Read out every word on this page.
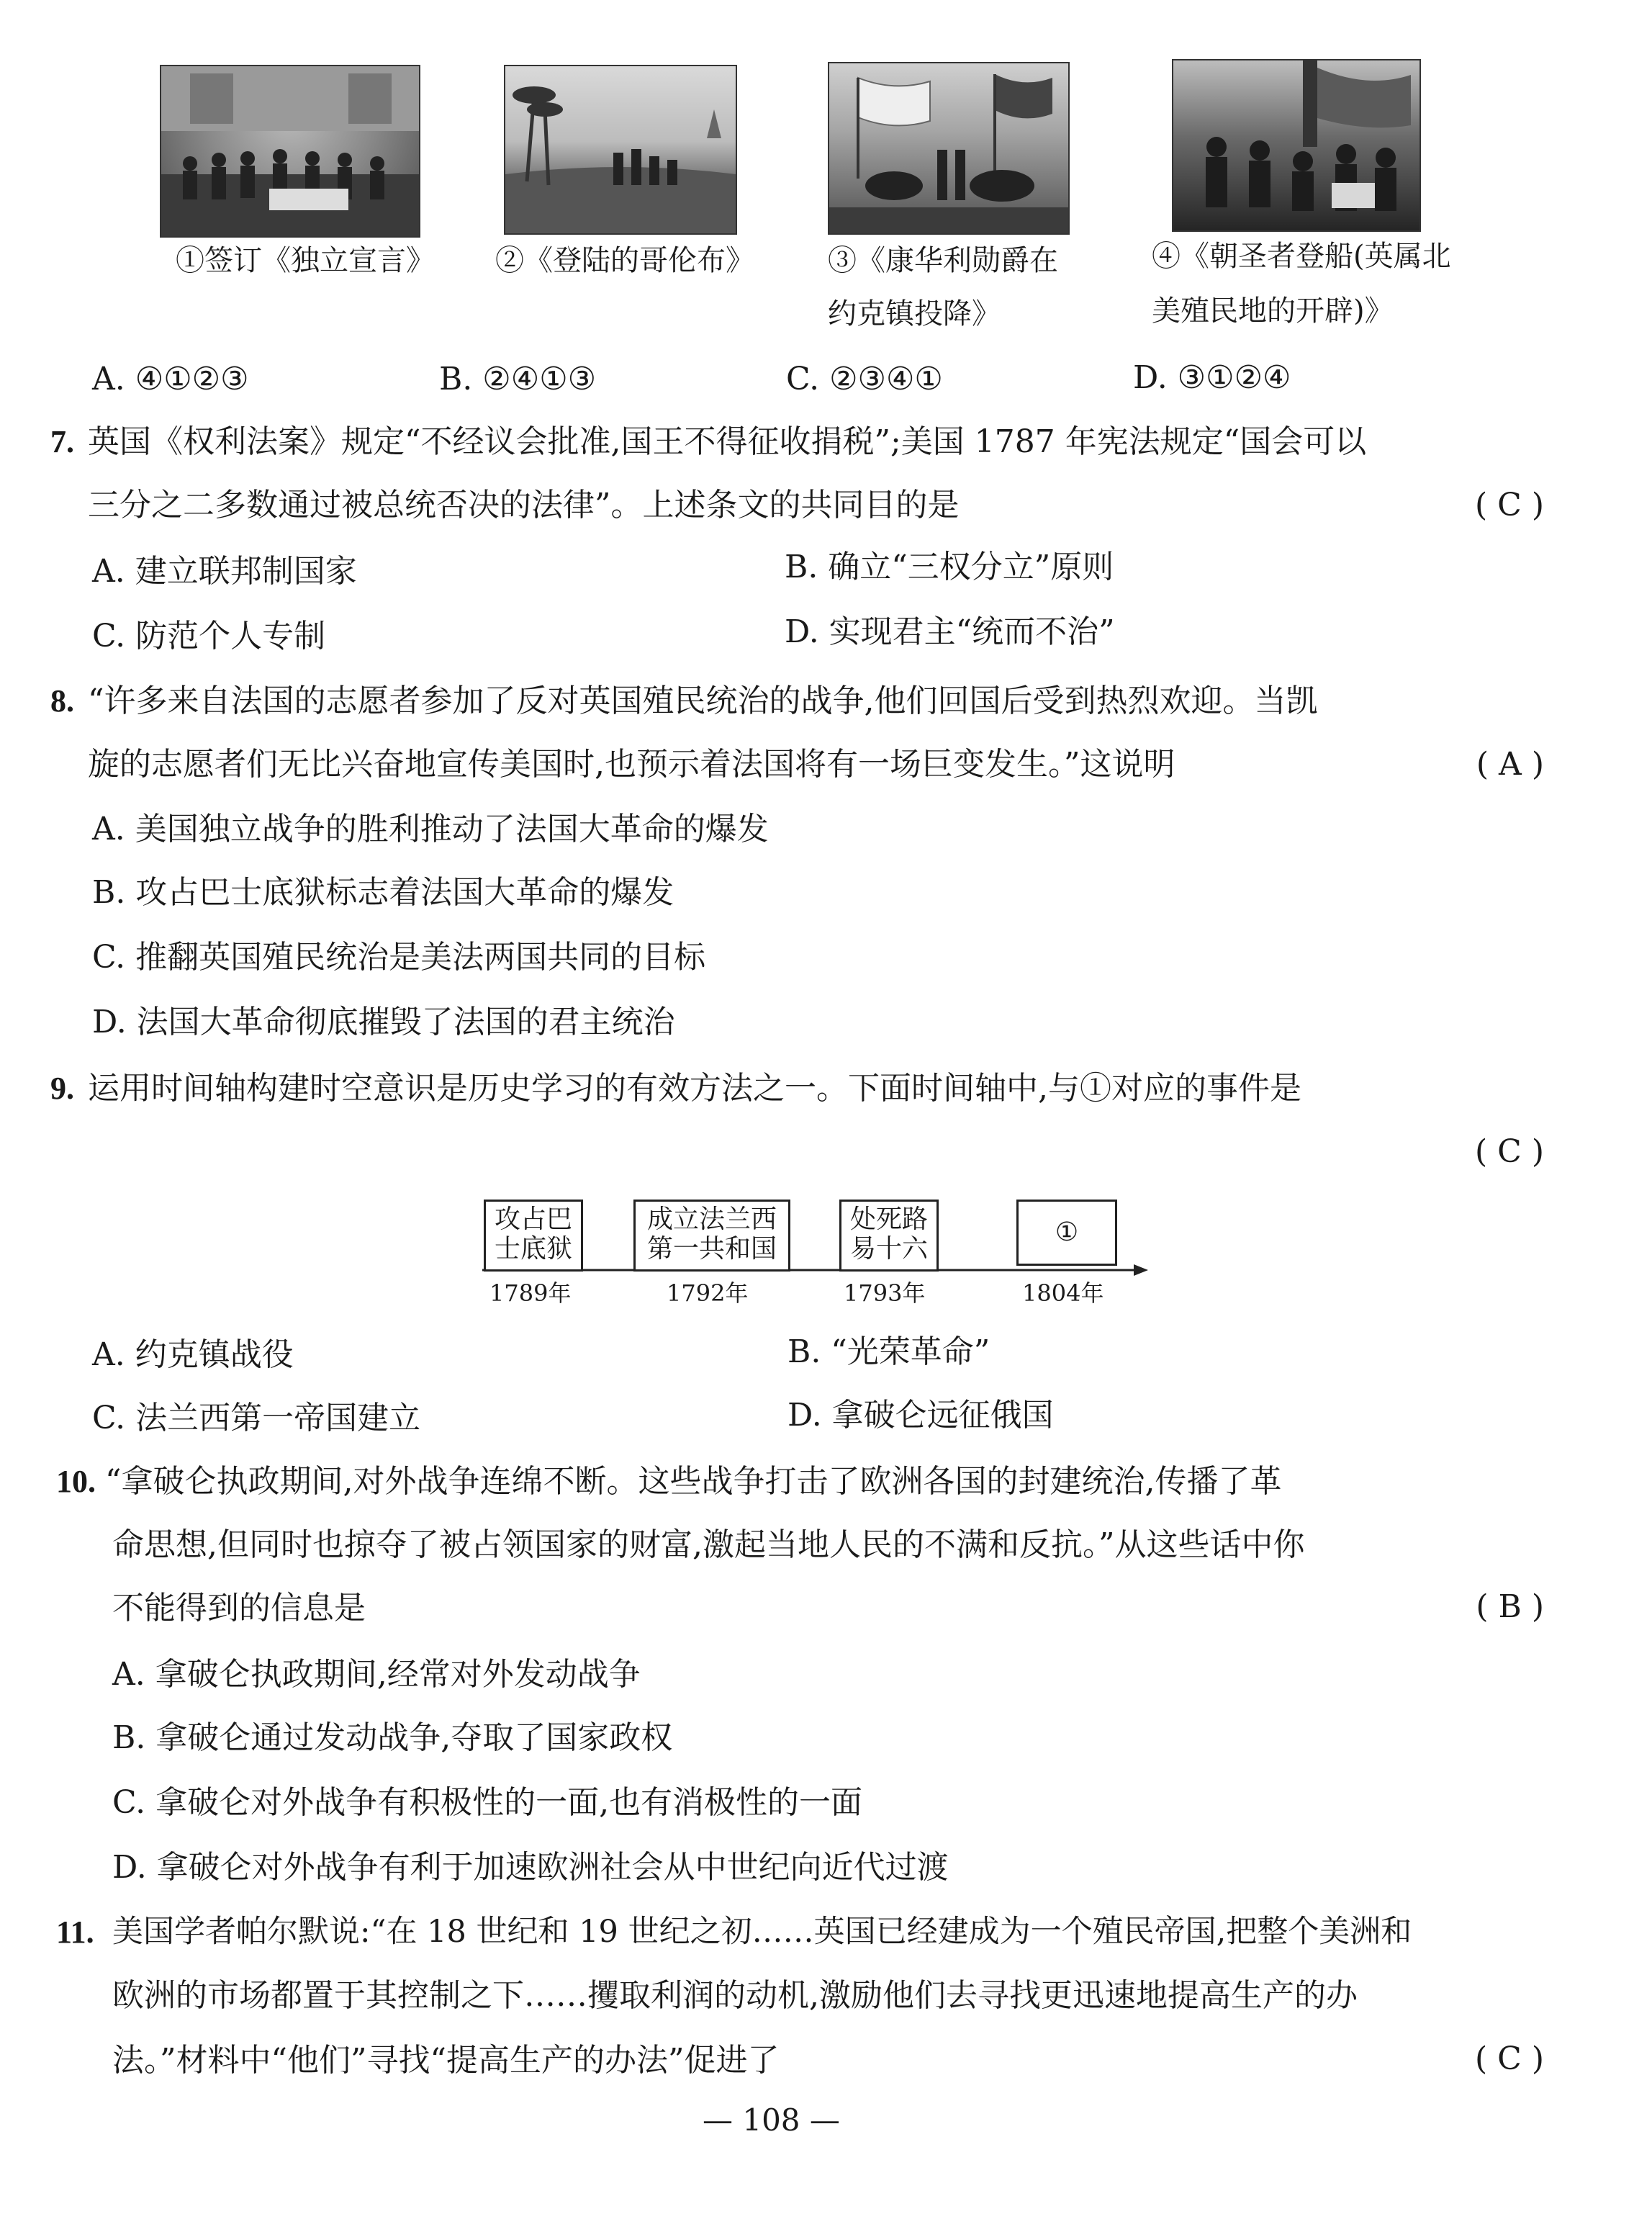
①签订《独立宣言》 ②《登陆的哥伦布》	③《康华利勋爵在
约克镇投降》
④《朝圣者登船(英属北
美殖民地的开辟)》
A. ④①②③	B. ②④①③	C. ②③④①	D. ③①②④
7. 英国《权利法案》规定“不经议会批准,国王不得征收捐税”;美国 1787 年宪法规定“国会可以
三分之二多数通过被总统否决的法律”。上述条文的共同目的是	( C )
A. 建立联邦制国家	B. 确立“三权分立”原则
C. 防范个人专制	D. 实现君主“统而不治”
8. “许多来自法国的志愿者参加了反对英国殖民统治的战争,他们回国后受到热烈欢迎。当凯
旋的志愿者们无比兴奋地宣传美国时,也预示着法国将有一场巨变发生。”这说明	( A )
A. 美国独立战争的胜利推动了法国大革命的爆发
B. 攻占巴士底狱标志着法国大革命的爆发
C. 推翻英国殖民统治是美法两国共同的目标
D. 法国大革命彻底摧毁了法国的君主统治
9. 运用时间轴构建时空意识是历史学习的有效方法之一。下面时间轴中,与①对应的事件是
( C )
攻占巴
士底狱
成立法兰西
第一共和国
处死路
易十六
①
1789年	1792年	1793年	1804年
A. 约克镇战役	B. “光荣革命”
C. 法兰西第一帝国建立	D. 拿破仑远征俄国
10. “拿破仑执政期间,对外战争连绵不断。这些战争打击了欧洲各国的封建统治,传播了革
命思想,但同时也掠夺了被占领国家的财富,激起当地人民的不满和反抗。”从这些话中你
不能得到的信息是	( B )
A. 拿破仑执政期间,经常对外发动战争
B. 拿破仑通过发动战争,夺取了国家政权
C. 拿破仑对外战争有积极性的一面,也有消极性的一面
D. 拿破仑对外战争有利于加速欧洲社会从中世纪向近代过渡
11. 美国学者帕尔默说:“在 18 世纪和 19 世纪之初……英国已经建成为一个殖民帝国,把整个美洲和
欧洲的市场都置于其控制之下……攫取利润的动机,激励他们去寻找更迅速地提高生产的办
法。”材料中“他们”寻找“提高生产的办法”促进了	( C )
— 108 —
